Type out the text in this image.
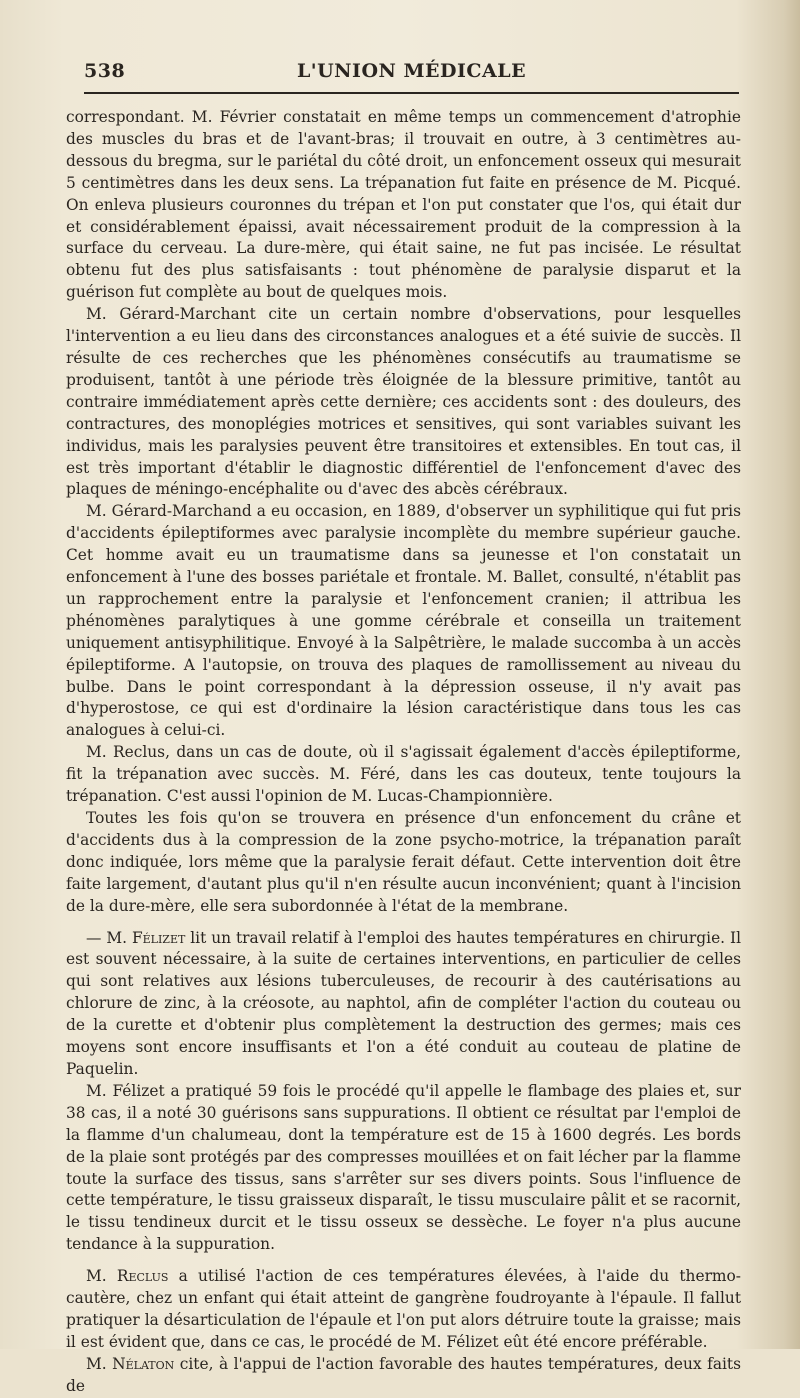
538	L'UNION MÉDICALE

correspondant. M. Février constatait en même temps un commencement d'atrophie des muscles du bras et de l'avant-bras; il trouvait en outre, à 3 centimètres au-dessous du bregma, sur le pariétal du côté droit, un enfoncement osseux qui mesurait 5 centimètres dans les deux sens. La trépanation fut faite en présence de M. Picqué. On enleva plusieurs couronnes du trépan et l'on put constater que l'os, qui était dur et considérablement épaissi, avait nécessairement produit de la compression à la surface du cerveau. La dure-mère, qui était saine, ne fut pas incisée. Le résultat obtenu fut des plus satisfaisants : tout phénomène de paralysie disparut et la guérison fut complète au bout de quelques mois.

M. Gérard-Marchant cite un certain nombre d'observations, pour lesquelles l'intervention a eu lieu dans des circonstances analogues et a été suivie de succès. Il résulte de ces recherches que les phénomènes consécutifs au traumatisme se produisent, tantôt à une période très éloignée de la blessure primitive, tantôt au contraire immédiatement après cette dernière; ces accidents sont : des douleurs, des contractures, des monoplégies motrices et sensitives, qui sont variables suivant les individus, mais les paralysies peuvent être transitoires et extensibles. En tout cas, il est très important d'établir le diagnostic différentiel de l'enfoncement d'avec des plaques de méningo-encéphalite ou d'avec des abcès cérébraux.

M. Gérard-Marchand a eu occasion, en 1889, d'observer un syphilitique qui fut pris d'accidents épileptiformes avec paralysie incomplète du membre supérieur gauche. Cet homme avait eu un traumatisme dans sa jeunesse et l'on constatait un enfoncement à l'une des bosses pariétale et frontale. M. Ballet, consulté, n'établit pas un rapprochement entre la paralysie et l'enfoncement cranien; il attribua les phénomènes paralytiques à une gomme cérébrale et conseilla un traitement uniquement antisyphilitique. Envoyé à la Salpêtrière, le malade succomba à un accès épileptiforme. A l'autopsie, on trouva des plaques de ramollissement au niveau du bulbe. Dans le point correspondant à la dépression osseuse, il n'y avait pas d'hyperostose, ce qui est d'ordinaire la lésion caractéristique dans tous les cas analogues à celui-ci.

M. Reclus, dans un cas de doute, où il s'agissait également d'accès épileptiforme, fit la trépanation avec succès. M. Féré, dans les cas douteux, tente toujours la trépanation. C'est aussi l'opinion de M. Lucas-Championnière.

Toutes les fois qu'on se trouvera en présence d'un enfoncement du crâne et d'accidents dus à la compression de la zone psycho-motrice, la trépanation paraît donc indiquée, lors même que la paralysie ferait défaut. Cette intervention doit être faite largement, d'autant plus qu'il n'en résulte aucun inconvénient; quant à l'incision de la dure-mère, elle sera subordonnée à l'état de la membrane.

— M. Félizet lit un travail relatif à l'emploi des hautes températures en chirurgie. Il est souvent nécessaire, à la suite de certaines interventions, en particulier de celles qui sont relatives aux lésions tuberculeuses, de recourir à des cautérisations au chlorure de zinc, à la créosote, au naphtol, afin de compléter l'action du couteau ou de la curette et d'obtenir plus complètement la destruction des germes; mais ces moyens sont encore insuffisants et l'on a été conduit au couteau de platine de Paquelin.

M. Félizet a pratiqué 59 fois le procédé qu'il appelle le flambage des plaies et, sur 38 cas, il a noté 30 guérisons sans suppurations. Il obtient ce résultat par l'emploi de la flamme d'un chalumeau, dont la température est de 15 à 1600 degrés. Les bords de la plaie sont protégés par des compresses mouillées et on fait lécher par la flamme toute la surface des tissus, sans s'arrêter sur ses divers points. Sous l'influence de cette température, le tissu graisseux disparaît, le tissu musculaire pâlit et se racornit, le tissu tendineux durcit et le tissu osseux se dessèche. Le foyer n'a plus aucune tendance à la suppuration.

M. Reclus a utilisé l'action de ces températures élevées, à l'aide du thermo-cautère, chez un enfant qui était atteint de gangrène foudroyante à l'épaule. Il fallut pratiquer la désarticulation de l'épaule et l'on put alors détruire toute la graisse; mais il est évident que, dans ce cas, le procédé de M. Félizet eût été encore préférable.

M. Nélaton cite, à l'appui de l'action favorable des hautes températures, deux faits de
